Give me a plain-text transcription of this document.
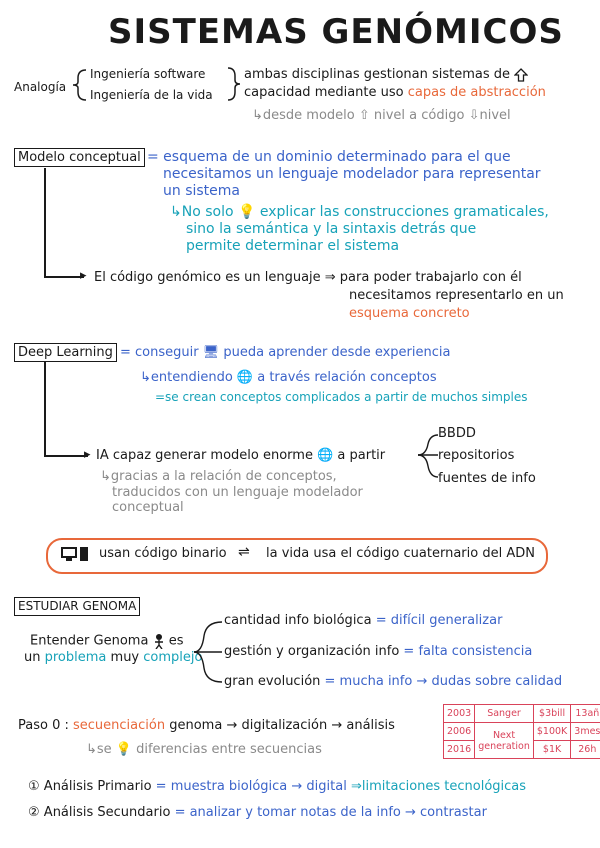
SISTEMAS GENÓMICOS
Analogía
Ingeniería software
Ingeniería de la vida
ambas disciplinas gestionan sistemas de
capacidad mediante uso capas de abstracción
↳desde modelo ⇧ nivel a código ⇩nivel
Modelo conceptual = esquema de un dominio determinado para el que
necesitamos un lenguaje modelador para representar
un sistema
↳No solo 💡 explicar las construcciones gramaticales,
sino la semántica y la sintaxis detrás que
permite determinar el sistema
▸ El código genómico es un lenguaje ⇒ para poder trabajarlo con él
necesitamos representarlo en un
esquema concreto
Deep Learning = conseguir 🖥 pueda aprender desde experiencia
↳entendiendo 🌐 a través relación conceptos
=se crean conceptos complicados a partir de muchos simples
▸ IA capaz generar modelo enorme 🌐 a partir
BBDD
repositorios
fuentes de info
↳gracias a la relación de conceptos,
traducidos con un lenguaje modelador
conceptual
usan código binario ⇌ la vida usa el código cuaternario del ADN
ESTUDIAR GENOMA
Entender Genoma es
un problema muy complejo
cantidad info biológica = difícil generalizar
gestión y organización info = falta consistencia
gran evolución = mucha info → dudas sobre calidad
Paso 0 : secuenciación genoma → digitalización → análisis
↳se 💡 diferencias entre secuencias
2003	Sanger	$3bill	13añ
2006	Next generation	$100K	3mes
2016		$1K	26h
① Análisis Primario = muestra biológica → digital ⇒limitaciones tecnológicas
② Análisis Secundario = analizar y tomar notas de la info → contrastar
